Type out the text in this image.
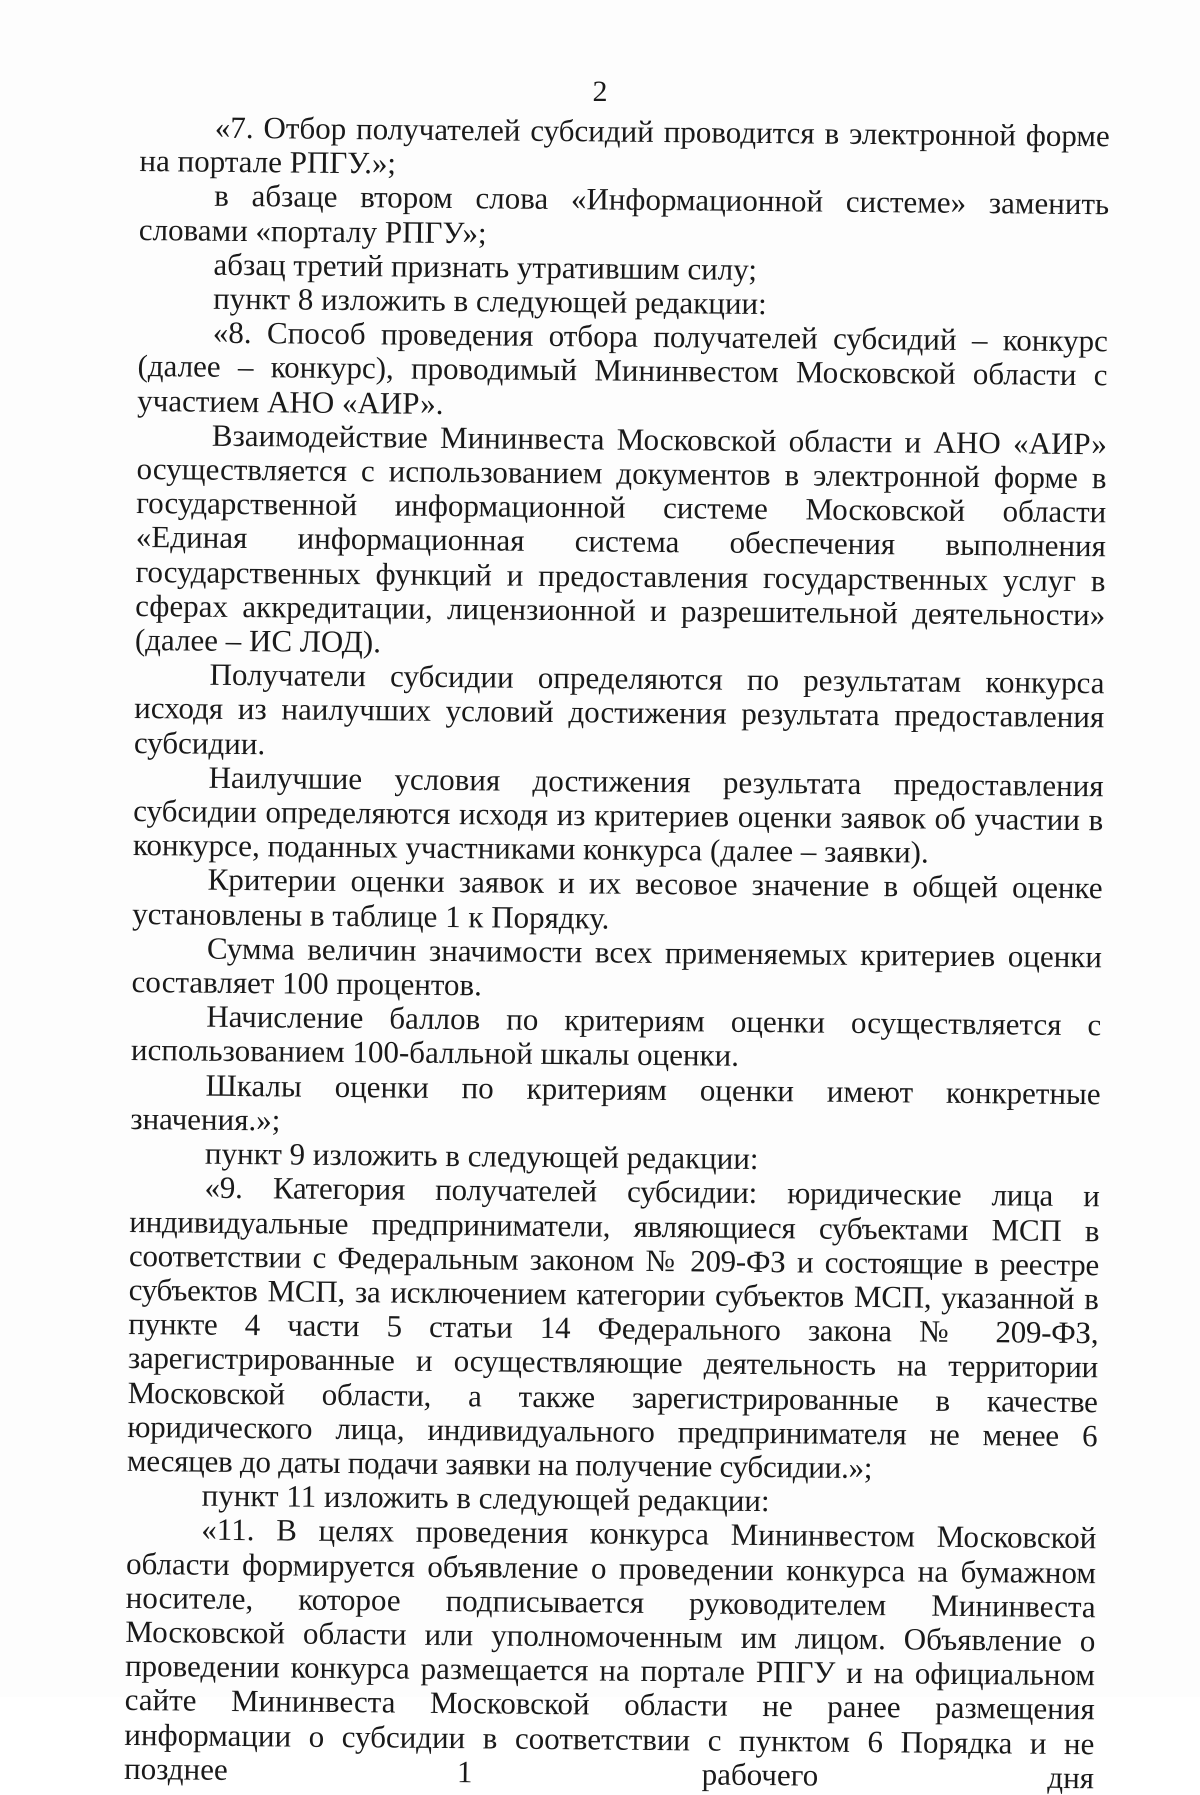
2

«7. Отбор получателей субсидий проводится в электронной форме на портале РПГУ.»;

в абзаце втором слова «Информационной системе» заменить словами «порталу РПГУ»;

абзац третий признать утратившим силу;

пункт 8 изложить в следующей редакции:

«8. Способ проведения отбора получателей субсидий – конкурс (далее – конкурс), проводимый Мининвестом Московской области с участием АНО «АИР».

Взаимодействие Мининвеста Московской области и АНО «АИР» осуществляется с использованием документов в электронной форме в государственной информационной системе Московской области «Единая информационная система обеспечения выполнения государственных функций и предоставления государственных услуг в сферах аккредитации, лицензионной и разрешительной деятельности» (далее – ИС ЛОД).

Получатели субсидии определяются по результатам конкурса исходя из наилучших условий достижения результата предоставления субсидии.

Наилучшие условия достижения результата предоставления субсидии определяются исходя из критериев оценки заявок об участии в конкурсе, поданных участниками конкурса (далее – заявки).

Критерии оценки заявок и их весовое значение в общей оценке установлены в таблице 1 к Порядку.

Сумма величин значимости всех применяемых критериев оценки составляет 100 процентов.

Начисление баллов по критериям оценки осуществляется с использованием 100-балльной шкалы оценки.

Шкалы оценки по критериям оценки имеют конкретные значения.»;

пункт 9 изложить в следующей редакции:

«9. Категория получателей субсидии: юридические лица и индивидуальные предприниматели, являющиеся субъектами МСП в соответствии с Федеральным законом № 209-ФЗ и состоящие в реестре субъектов МСП, за исключением категории субъектов МСП, указанной в пункте 4 части 5 статьи 14 Федерального закона № 209-ФЗ, зарегистрированные и осуществляющие деятельность на территории Московской области, а также зарегистрированные в качестве юридического лица, индивидуального предпринимателя не менее 6 месяцев до даты подачи заявки на получение субсидии.»;

пункт 11 изложить в следующей редакции:

«11. В целях проведения конкурса Мининвестом Московской области формируется объявление о проведении конкурса на бумажном носителе, которое подписывается руководителем Мининвеста Московской области или уполномоченным им лицом. Объявление о проведении конкурса размещается на портале РПГУ и на официальном сайте Мининвеста Московской области не ранее размещения информации о субсидии в соответствии с пунктом 6 Порядка и не позднее 1 рабочего дня
